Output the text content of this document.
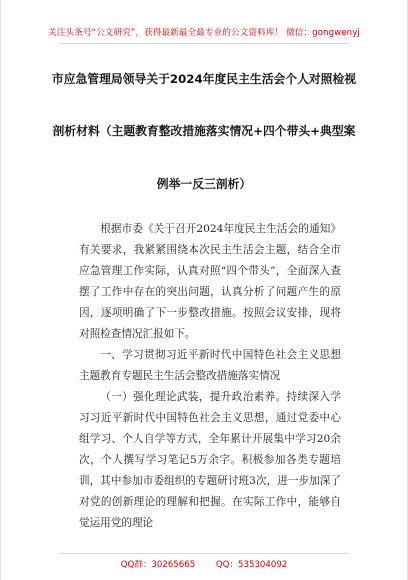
关注头条号“公文研究”，获得最新最全最专业的公文资料库！ 微信：gongwenyj
市应急管理局领导关于2024年度民主生活会个人对照检视
剖析材料（主题教育整改措施落实情况+四个带头+典型案
例举一反三剖析）

根据市委《关于召开2024年度民主生活会的通知》有关要求，我紧紧围绕本次民主生活会主题，结合全市应急管理工作实际，认真对照“四个带头”，全面深入查摆了工作中存在的突出问题，认真分析了问题产生的原因，逐项明确了下一步整改措施。按照会议安排，现将对照检查情况汇报如下。

一、学习贯彻习近平新时代中国特色社会主义思想主题教育专题民主生活会整改措施落实情况

（一）强化理论武装，提升政治素养。持续深入学习习近平新时代中国特色社会主义思想，通过党委中心组学习、个人自学等方式，全年累计开展集中学习20余次，个人撰写学习笔记5万余字。积极参加各类专题培训，其中参加市委组织的专题研讨班3次，进一步加深了对党的创新理论的理解和把握。在实际工作中，能够自觉运用党的理论

QQ群：30265665 QQ：535304092
